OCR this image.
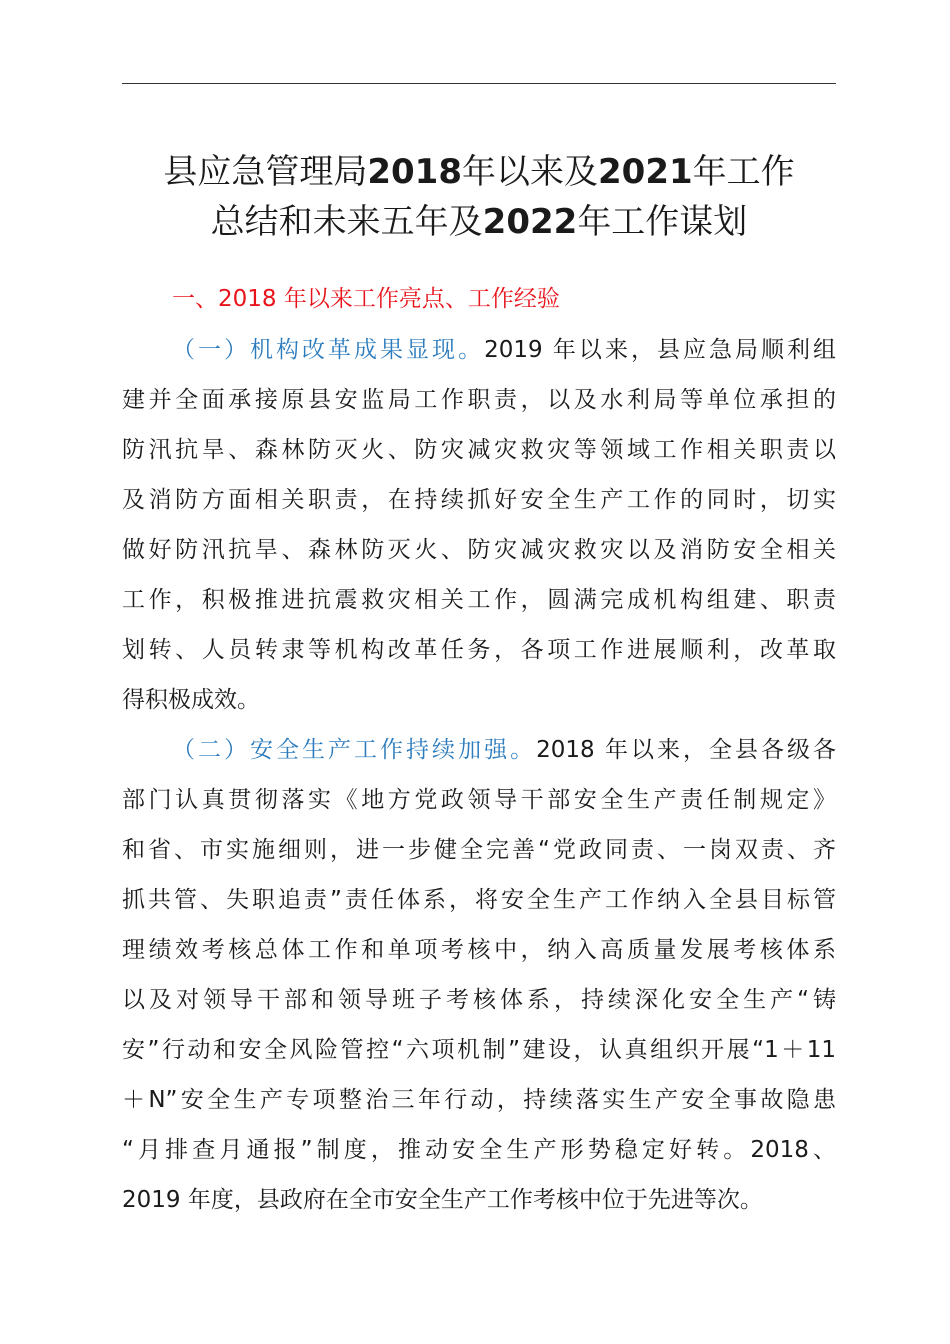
县应急管理局2018年以来及2021年工作
总结和未来五年及2022年工作谋划
一、2018 年以来工作亮点、工作经验
（一）机构改革成果显现。2019 年以来，县应急局顺利组
建并全面承接原县安监局工作职责，以及水利局等单位承担的
防汛抗旱、森林防灭火、防灾减灾救灾等领域工作相关职责以
及消防方面相关职责，在持续抓好安全生产工作的同时，切实
做好防汛抗旱、森林防灭火、防灾减灾救灾以及消防安全相关
工作，积极推进抗震救灾相关工作，圆满完成机构组建、职责
划转、人员转隶等机构改革任务，各项工作进展顺利，改革取
得积极成效。
（二）安全生产工作持续加强。2018 年以来，全县各级各
部门认真贯彻落实《地方党政领导干部安全生产责任制规定》
和省、市实施细则，进一步健全完善“党政同责、一岗双责、齐
抓共管、失职追责”责任体系，将安全生产工作纳入全县目标管
理绩效考核总体工作和单项考核中，纳入高质量发展考核体系
以及对领导干部和领导班子考核体系，持续深化安全生产“铸
安”行动和安全风险管控“六项机制”建设，认真组织开展“1＋11
＋N”安全生产专项整治三年行动，持续落实生产安全事故隐患
“月排查月通报”制度，推动安全生产形势稳定好转。2018、
2019 年度，县政府在全市安全生产工作考核中位于先进等次。
